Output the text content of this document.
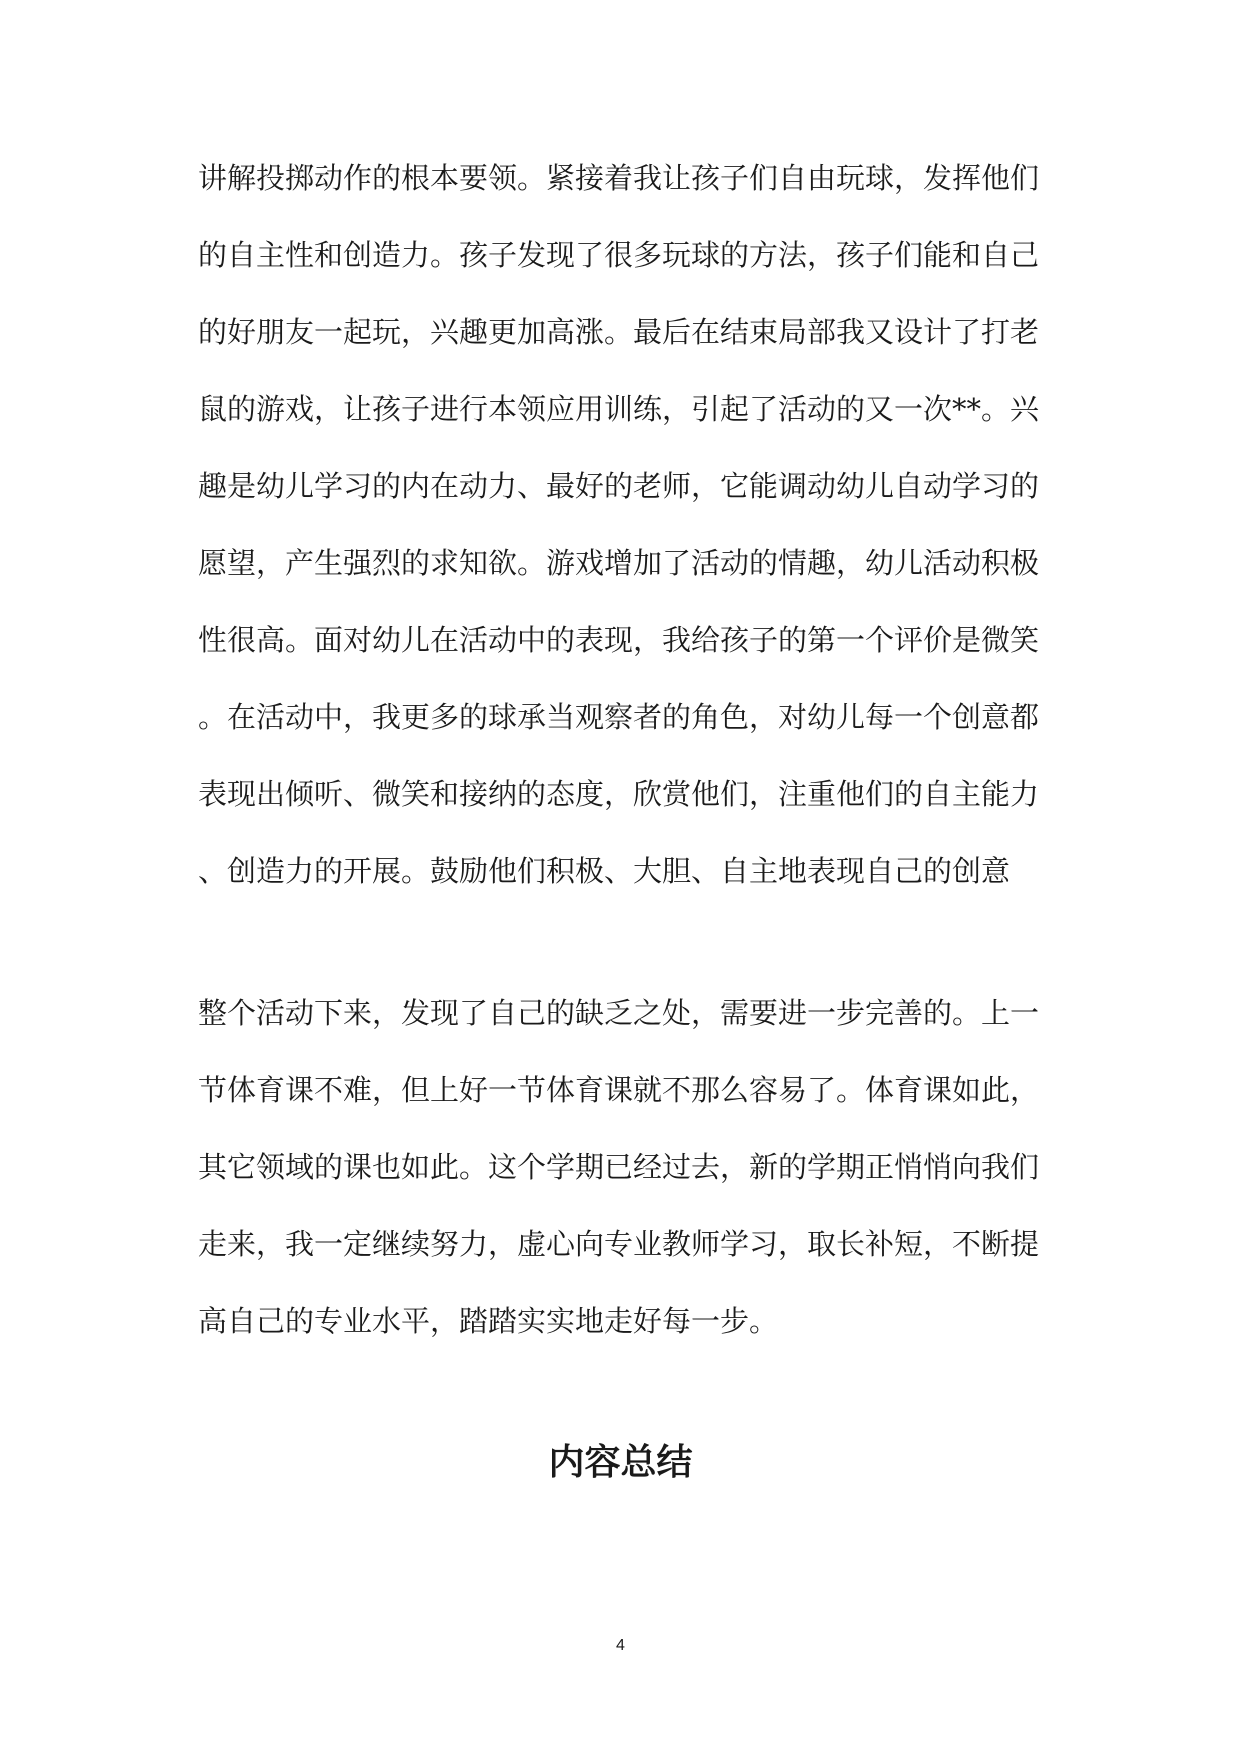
讲解投掷动作的根本要领。紧接着我让孩子们自由玩球，发挥他们
的自主性和创造力。孩子发现了很多玩球的方法，孩子们能和自己
的好朋友一起玩，兴趣更加高涨。最后在结束局部我又设计了打老
鼠的游戏，让孩子进行本领应用训练，引起了活动的又一次**。兴
趣是幼儿学习的内在动力、最好的老师，它能调动幼儿自动学习的
愿望，产生强烈的求知欲。游戏增加了活动的情趣，幼儿活动积极
性很高。面对幼儿在活动中的表现，我给孩子的第一个评价是微笑
。在活动中，我更多的球承当观察者的角色，对幼儿每一个创意都
表现出倾听、微笑和接纳的态度，欣赏他们，注重他们的自主能力
、创造力的开展。鼓励他们积极、大胆、自主地表现自己的创意
整个活动下来，发现了自己的缺乏之处，需要进一步完善的。上一
节体育课不难，但上好一节体育课就不那么容易了。体育课如此，
其它领域的课也如此。这个学期已经过去，新的学期正悄悄向我们
走来，我一定继续努力，虚心向专业教师学习，取长补短，不断提
高自己的专业水平，踏踏实实地走好每一步。
内容总结
4
